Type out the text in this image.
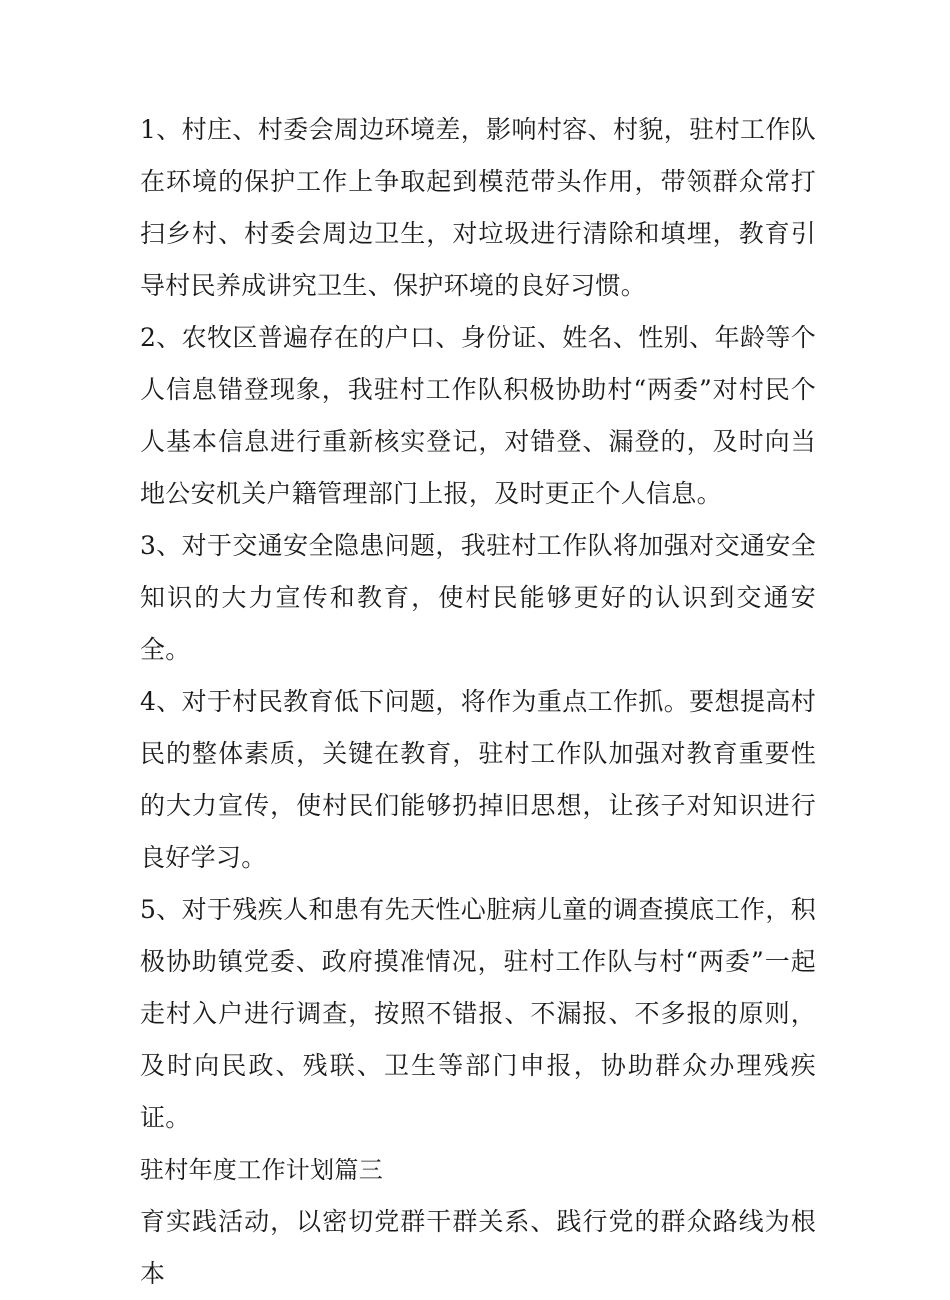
1、村庄、村委会周边环境差，影响村容、村貌，驻村工作队在环境的保护工作上争取起到模范带头作用，带领群众常打扫乡村、村委会周边卫生，对垃圾进行清除和填埋，教育引导村民养成讲究卫生、保护环境的良好习惯。

2、农牧区普遍存在的户口、身份证、姓名、性别、年龄等个人信息错登现象，我驻村工作队积极协助村“两委”对村民个人基本信息进行重新核实登记，对错登、漏登的，及时向当地公安机关户籍管理部门上报，及时更正个人信息。

3、对于交通安全隐患问题，我驻村工作队将加强对交通安全知识的大力宣传和教育，使村民能够更好的认识到交通安全。

4、对于村民教育低下问题，将作为重点工作抓。要想提高村民的整体素质，关键在教育，驻村工作队加强对教育重要性的大力宣传，使村民们能够扔掉旧思想，让孩子对知识进行良好学习。

5、对于残疾人和患有先天性心脏病儿童的调查摸底工作，积极协助镇党委、政府摸准情况，驻村工作队与村“两委”一起走村入户进行调查，按照不错报、不漏报、不多报的原则，及时向民政、残联、卫生等部门申报，协助群众办理残疾证。

驻村年度工作计划篇三

育实践活动，以密切党群干群关系、践行党的群众路线为根本
